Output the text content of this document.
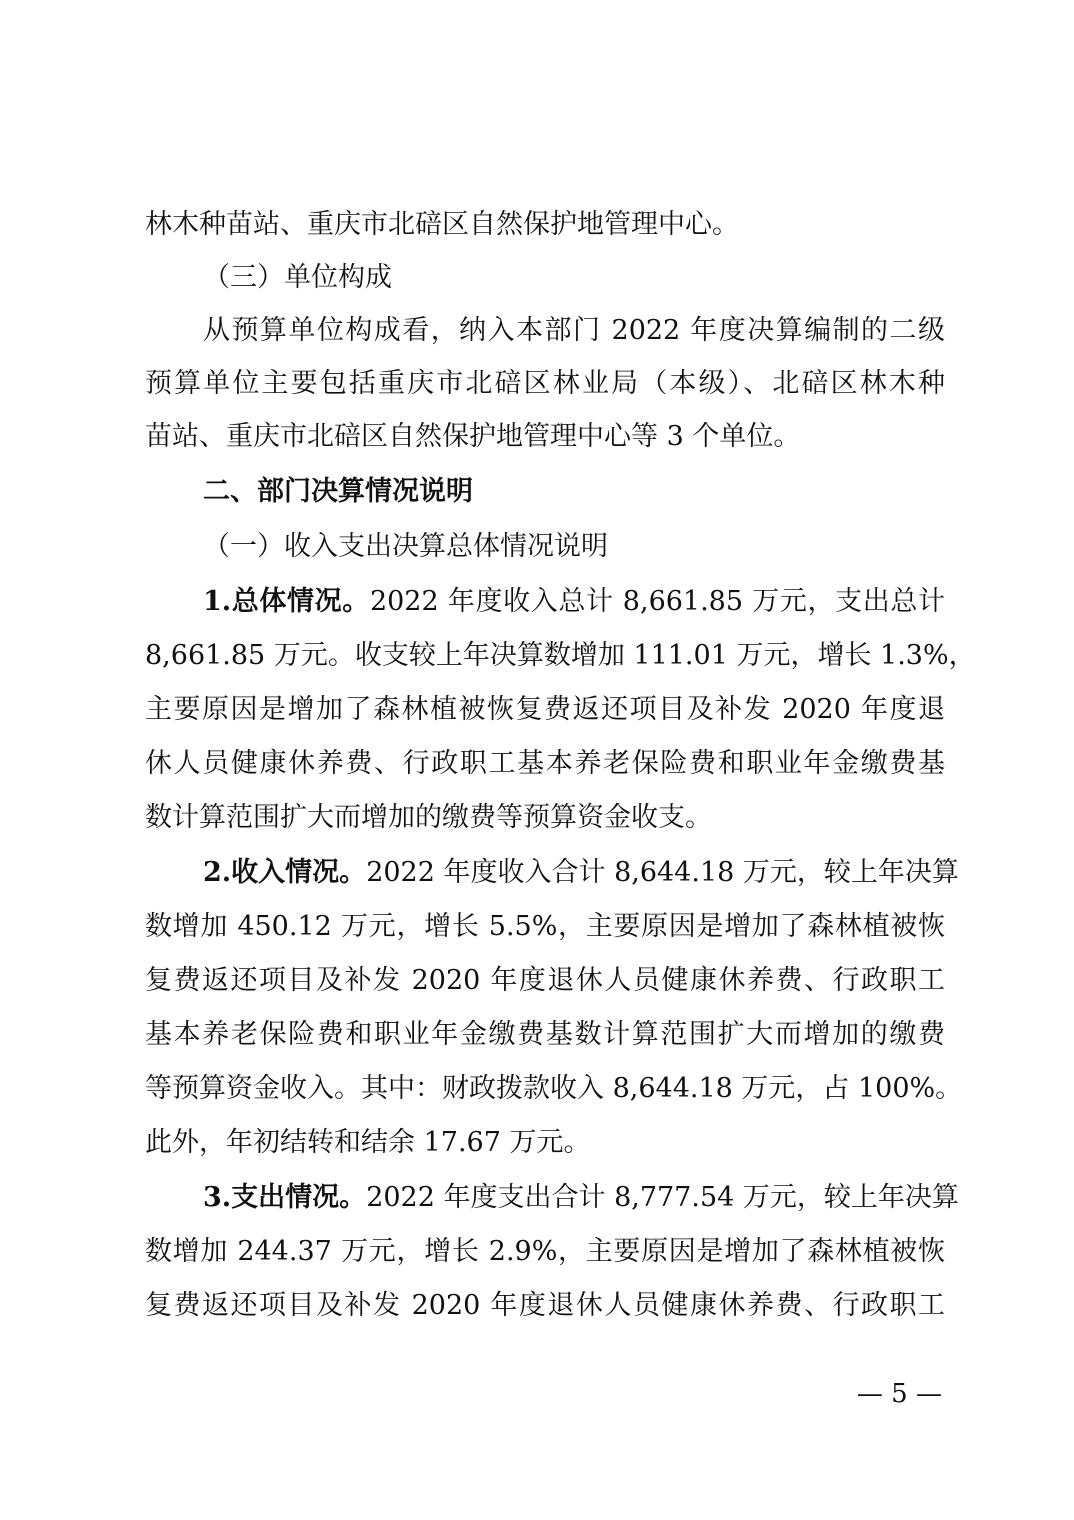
林木种苗站、重庆市北碚区自然保护地管理中心。
（三）单位构成
从预算单位构成看，纳入本部门 2022 年度决算编制的二级
预算单位主要包括重庆市北碚区林业局（本级）、北碚区林木种
苗站、重庆市北碚区自然保护地管理中心等 3 个单位。
二、部门决算情况说明
（一）收入支出决算总体情况说明
1.总体情况。2022 年度收入总计 8,661.85 万元，支出总计
8,661.85 万元。收支较上年决算数增加 111.01 万元，增长 1.3%，
主要原因是增加了森林植被恢复费返还项目及补发 2020 年度退
休人员健康休养费、行政职工基本养老保险费和职业年金缴费基
数计算范围扩大而增加的缴费等预算资金收支。
2.收入情况。2022 年度收入合计 8,644.18 万元，较上年决算
数增加 450.12 万元，增长 5.5%，主要原因是增加了森林植被恢
复费返还项目及补发 2020 年度退休人员健康休养费、行政职工
基本养老保险费和职业年金缴费基数计算范围扩大而增加的缴费
等预算资金收入。其中：财政拨款收入 8,644.18 万元，占 100%。
此外，年初结转和结余 17.67 万元。
3.支出情况。2022 年度支出合计 8,777.54 万元，较上年决算
数增加 244.37 万元，增长 2.9%，主要原因是增加了森林植被恢
复费返还项目及补发 2020 年度退休人员健康休养费、行政职工
— 5 —
